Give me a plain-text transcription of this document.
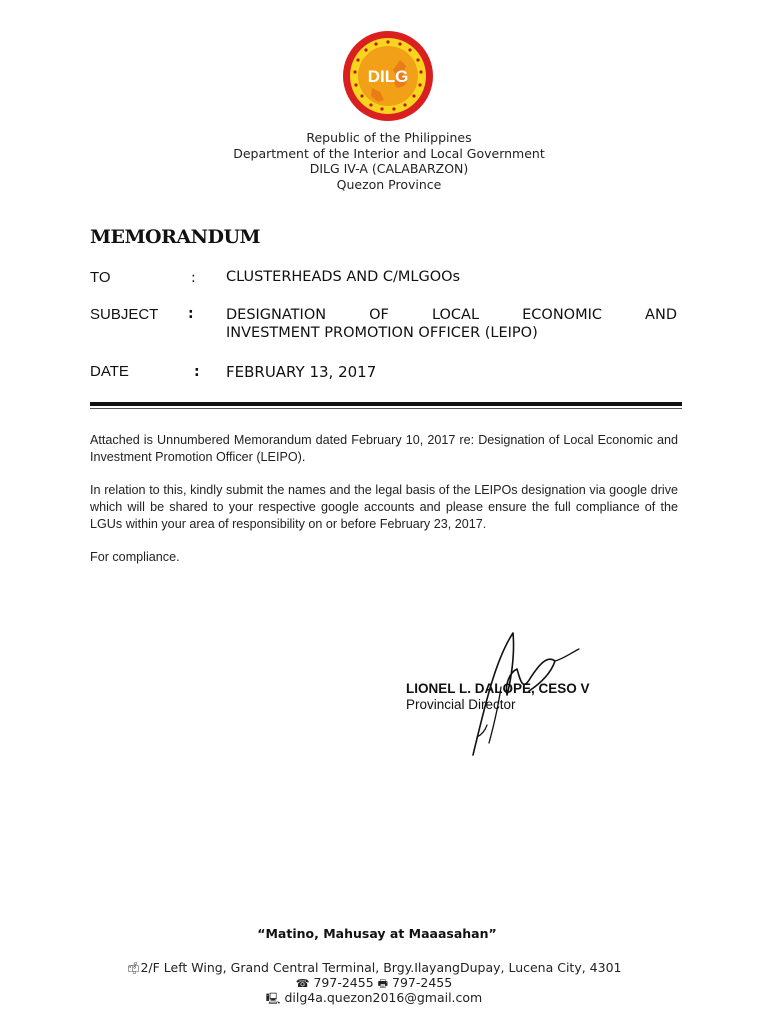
DILG
Republic of the Philippines
Department of the Interior and Local Government
DILG IV-A (CALABARZON)
Quezon Province
MEMORANDUM
TO	: CLUSTERHEADS AND C/MLGOOs
SUBJECT : DESIGNATION OF LOCAL ECONOMIC AND
INVESTMENT PROMOTION OFFICER (LEIPO)
DATE	: FEBRUARY 13, 2017
Attached is Unnumbered Memorandum dated February 10, 2017 re: Designation of Local Economic and Investment Promotion Officer (LEIPO).
In relation to this, kindly submit the names and the legal basis of the LEIPOs designation via google drive which will be shared to your respective google accounts and please ensure the full compliance of the LGUs within your area of responsibility on or before February 23, 2017.
For compliance.
LIONEL L. DALOPE, CESO V
Provincial Director
“Matino, Mahusay at Maaasahan”
📫︎2/F Left Wing, Grand Central Terminal, Brgy.IlayangDupay, Lucena City, 4301
☎ 797-2455 🖶︎ 797-2455
🖳︎ dilg4a.quezon2016@gmail.com
